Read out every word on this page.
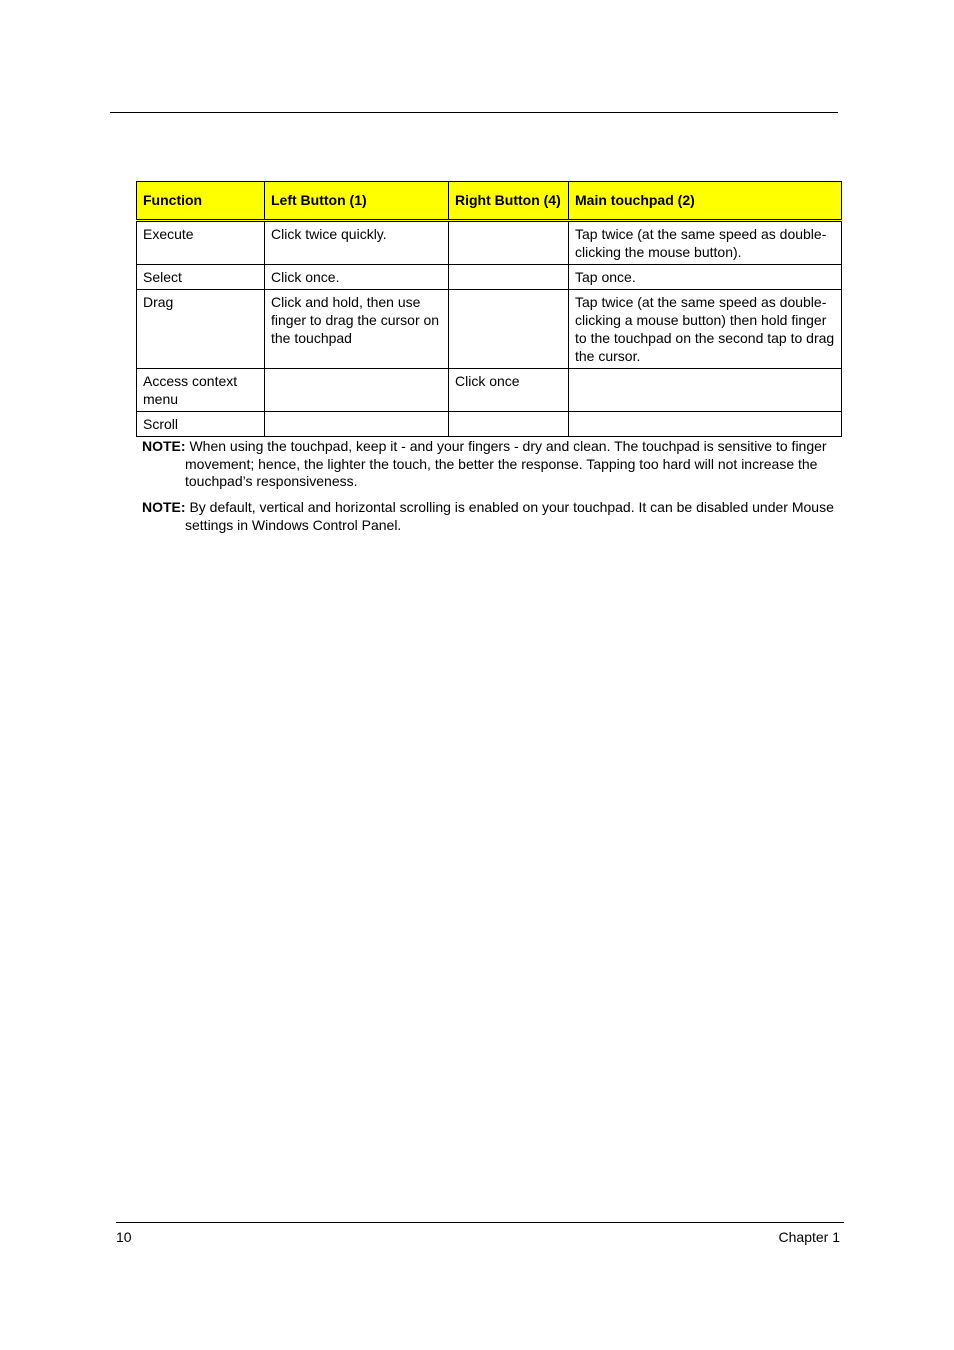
Function	Left Button (1)	Right Button (4)	Main touchpad (2)
Execute	Click twice quickly.		Tap twice (at the same speed as double-clicking the mouse button).
Select	Click once.		Tap once.
Drag	Click and hold, then use finger to drag the cursor on the touchpad		Tap twice (at the same speed as double-clicking a mouse button) then hold finger to the touchpad on the second tap to drag the cursor.
Access context menu		Click once	
Scroll			

NOTE: When using the touchpad, keep it - and your fingers - dry and clean. The touchpad is sensitive to finger movement; hence, the lighter the touch, the better the response. Tapping too hard will not increase the touchpad’s responsiveness.

NOTE: By default, vertical and horizontal scrolling is enabled on your touchpad. It can be disabled under Mouse settings in Windows Control Panel.

10	Chapter 1
